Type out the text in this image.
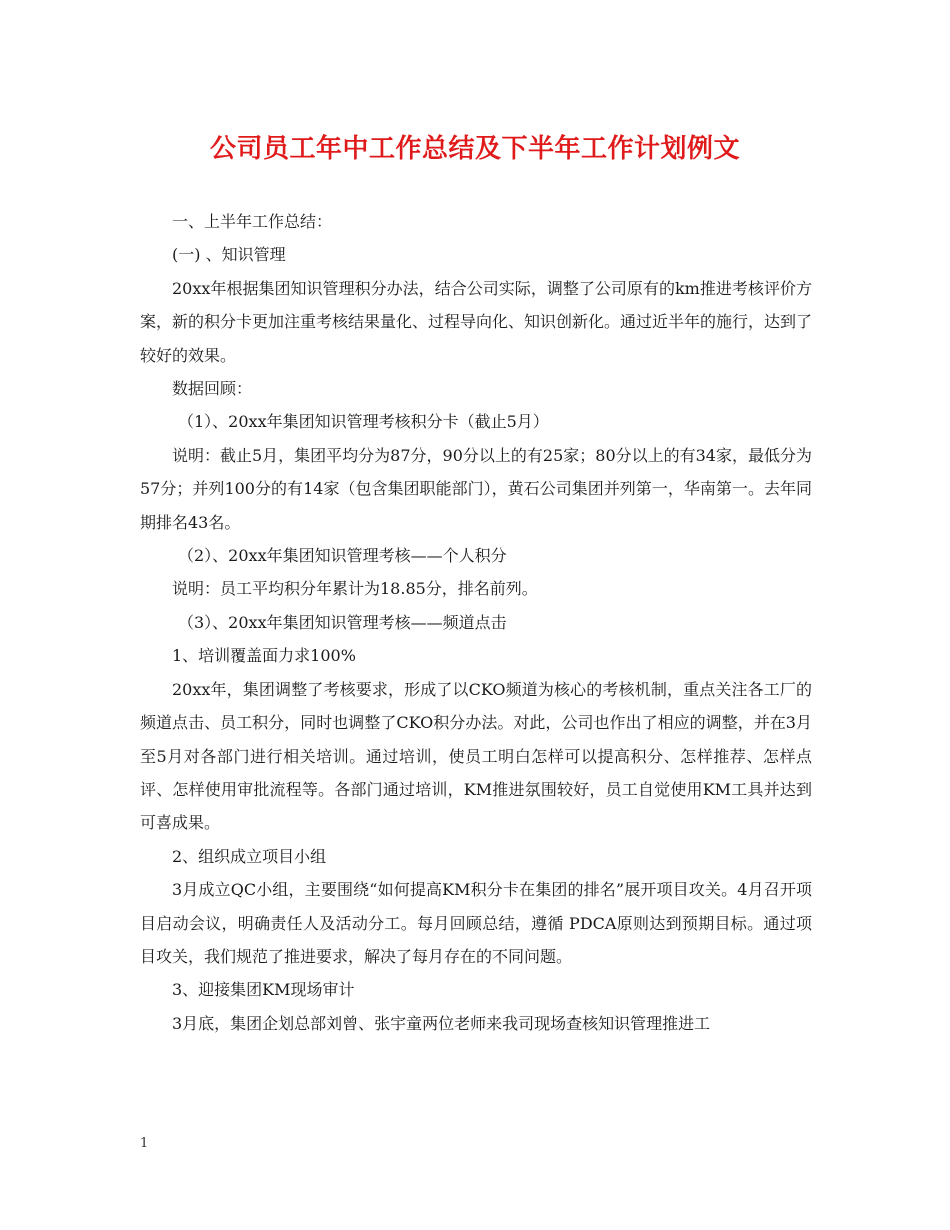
公司员工年中工作总结及下半年工作计划例文

一、上半年工作总结：

(一) 、知识管理

20xx年根据集团知识管理积分办法，结合公司实际，调整了公司原有的km推进考核评价方案，新的积分卡更加注重考核结果量化、过程导向化、知识创新化。通过近半年的施行，达到了较好的效果。

数据回顾：

（1）、20xx年集团知识管理考核积分卡（截止5月）

说明：截止5月，集团平均分为87分，90分以上的有25家；80分以上的有34家，最低分为57分；并列100分的有14家（包含集团职能部门），黄石公司集团并列第一，华南第一。去年同期排名43名。

（2）、20xx年集团知识管理考核——个人积分

说明：员工平均积分年累计为18.85分，排名前列。

（3）、20xx年集团知识管理考核——频道点击

1、培训覆盖面力求100%

20xx年，集团调整了考核要求，形成了以CKO频道为核心的考核机制，重点关注各工厂的频道点击、员工积分，同时也调整了CKO积分办法。对此，公司也作出了相应的调整，并在3月至5月对各部门进行相关培训。通过培训，使员工明白怎样可以提高积分、怎样推荐、怎样点评、怎样使用审批流程等。各部门通过培训，KM推进氛围较好，员工自觉使用KM工具并达到可喜成果。

2、组织成立项目小组

3月成立QC小组，主要围绕“如何提高KM积分卡在集团的排名”展开项目攻关。4月召开项目启动会议，明确责任人及活动分工。每月回顾总结，遵循 PDCA原则达到预期目标。通过项目攻关，我们规范了推进要求，解决了每月存在的不同问题。

3、迎接集团KM现场审计

3月底，集团企划总部刘曾、张宇童两位老师来我司现场查核知识管理推进工

1
